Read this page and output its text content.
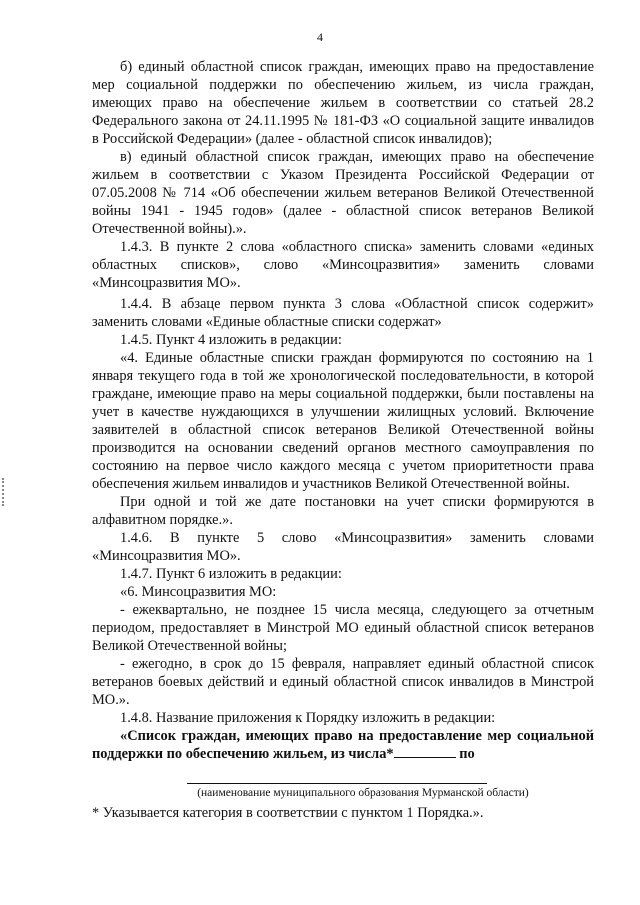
4

б) единый областной список граждан, имеющих право на предоставление мер социальной поддержки по обеспечению жильем, из числа граждан, имеющих право на обеспечение жильем в соответствии со статьей 28.2 Федерального закона от 24.11.1995 № 181-ФЗ «О социальной защите инвалидов в Российской Федерации» (далее - областной список инвалидов);

в) единый областной список граждан, имеющих право на обеспечение жильем в соответствии с Указом Президента Российской Федерации от 07.05.2008 № 714 «Об обеспечении жильем ветеранов Великой Отечественной войны 1941 - 1945 годов» (далее - областной список ветеранов Великой Отечественной войны).».

1.4.3. В пункте 2 слова «областного списка» заменить словами «единых областных списков», слово «Минсоцразвития» заменить словами «Минсоцразвития МО».

1.4.4. В абзаце первом пункта 3 слова «Областной список содержит» заменить словами «Единые областные списки содержат»

1.4.5. Пункт 4 изложить в редакции:

«4. Единые областные списки граждан формируются по состоянию на 1 января текущего года в той же хронологической последовательности, в которой граждане, имеющие право на меры социальной поддержки, были поставлены на учет в качестве нуждающихся в улучшении жилищных условий. Включение заявителей в областной список ветеранов Великой Отечественной войны производится на основании сведений органов местного самоуправления по состоянию на первое число каждого месяца с учетом приоритетности права обеспечения жильем инвалидов и участников Великой Отечественной войны.

При одной и той же дате постановки на учет списки формируются в алфавитном порядке.».

1.4.6. В пункте 5 слово «Минсоцразвития» заменить словами «Минсоцразвития МО».

1.4.7. Пункт 6 изложить в редакции:

«6. Минсоцразвития МО:

- ежеквартально, не позднее 15 числа месяца, следующего за отчетным периодом, предоставляет в Минстрой МО единый областной список ветеранов Великой Отечественной войны;

- ежегодно, в срок до 15 февраля, направляет единый областной список ветеранов боевых действий и единый областной список инвалидов в Минстрой МО.».

1.4.8. Название приложения к Порядку изложить в редакции:

«Список граждан, имеющих право на предоставление мер социальной поддержки по обеспечению жильем, из числа*	по

(наименование муниципального образования Мурманской области)

* Указывается категория в соответствии с пунктом 1 Порядка.».
